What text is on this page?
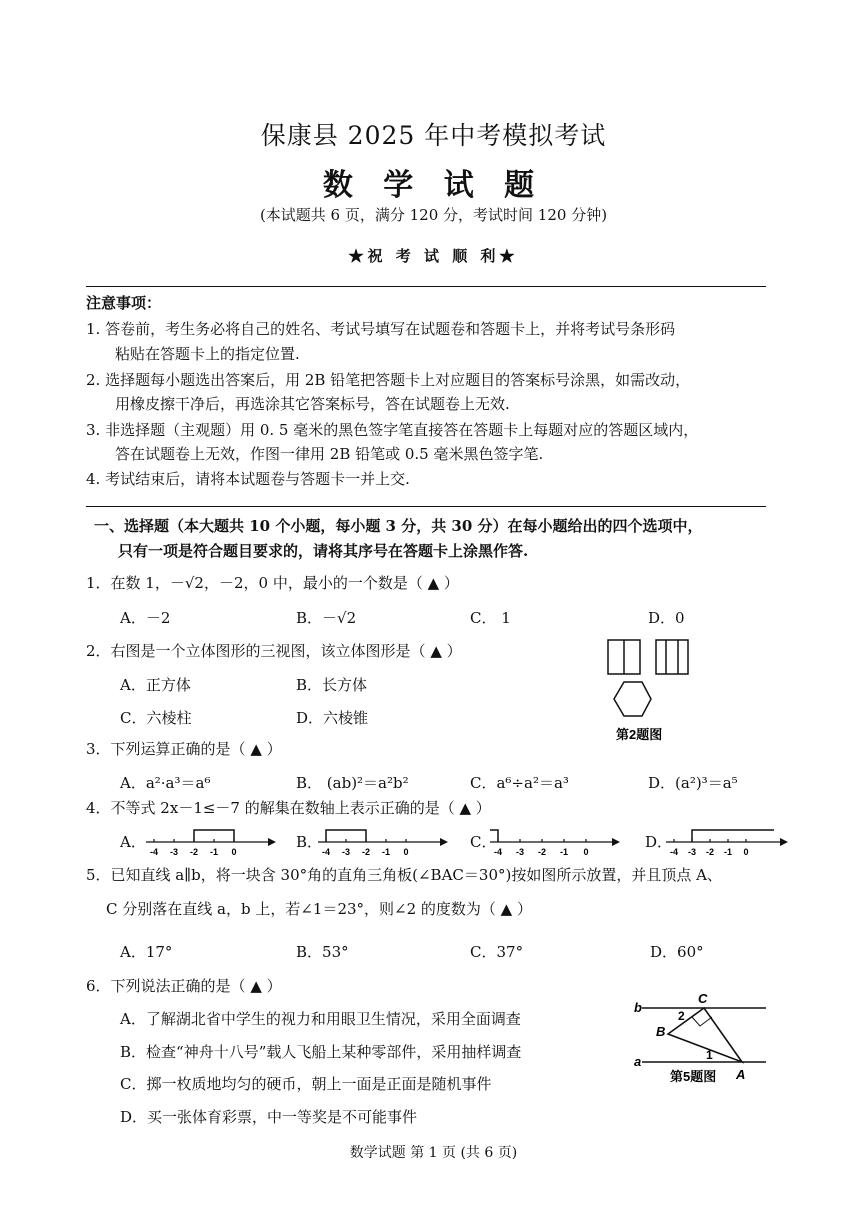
保康县 2025 年中考模拟考试
数 学 试 题
(本试题共 6 页，满分 120 分，考试时间 120 分钟)
★祝 考 试 顺 利★
注意事项：
1. 答卷前，考生务必将自己的姓名、考试号填写在试题卷和答题卡上，并将考试号条形码
粘贴在答题卡上的指定位置.
2. 选择题每小题选出答案后，用 2B 铅笔把答题卡上对应题目的答案标号涂黑，如需改动，
用橡皮擦干净后，再选涂其它答案标号，答在试题卷上无效.
3. 非选择题（主观题）用 0. 5 毫米的黑色签字笔直接答在答题卡上每题对应的答题区域内，
答在试题卷上无效，作图一律用 2B 铅笔或 0.5 毫米黑色签字笔.
4. 考试结束后，请将本试题卷与答题卡一并上交.
一、选择题（本大题共 10 个小题，每小题 3 分，共 30 分）在每小题给出的四个选项中，
只有一项是符合题目要求的，请将其序号在答题卡上涂黑作答.
1．在数 1，－√2，－2，0 中，最小的一个数是（ ▲ ）
A．－2	B．－√2	C． 1	D．0
2．右图是一个立体图形的三视图，该立体图形是（ ▲ ）
A．正方体	B．长方体
C．六棱柱	D．六棱锥
第2题图
3．下列运算正确的是（ ▲ ）
A．a²·a³＝a⁶	B． (ab)²＝a²b²	C．a⁶÷a²＝a³	D．(a²)³＝a⁵
4．不等式 2x－1≤－7 的解集在数轴上表示正确的是（ ▲ ）
A．	B．	C．	D．
-4 -3 -2 -1 0	-4 -3 -2 -1 0	-4 -3 -2 -1 0	-4 -3 -2 -1 0
5．已知直线 a∥b，将一块含 30°角的直角三角板(∠BAC＝30°)按如图所示放置，并且顶点 A、
C 分别落在直线 a，b 上，若∠1＝23°，则∠2 的度数为（ ▲ ）
A．17°	B．53°	C．37°	D．60°
b
a
C
B
A
1
2
第5题图
6．下列说法正确的是（ ▲ ）
A．了解湖北省中学生的视力和用眼卫生情况，采用全面调查
B．检查“神舟十八号”载人飞船上某种零部件，采用抽样调查
C．掷一枚质地均匀的硬币，朝上一面是正面是随机事件
D．买一张体育彩票，中一等奖是不可能事件
数学试题 第 1 页 (共 6 页)
